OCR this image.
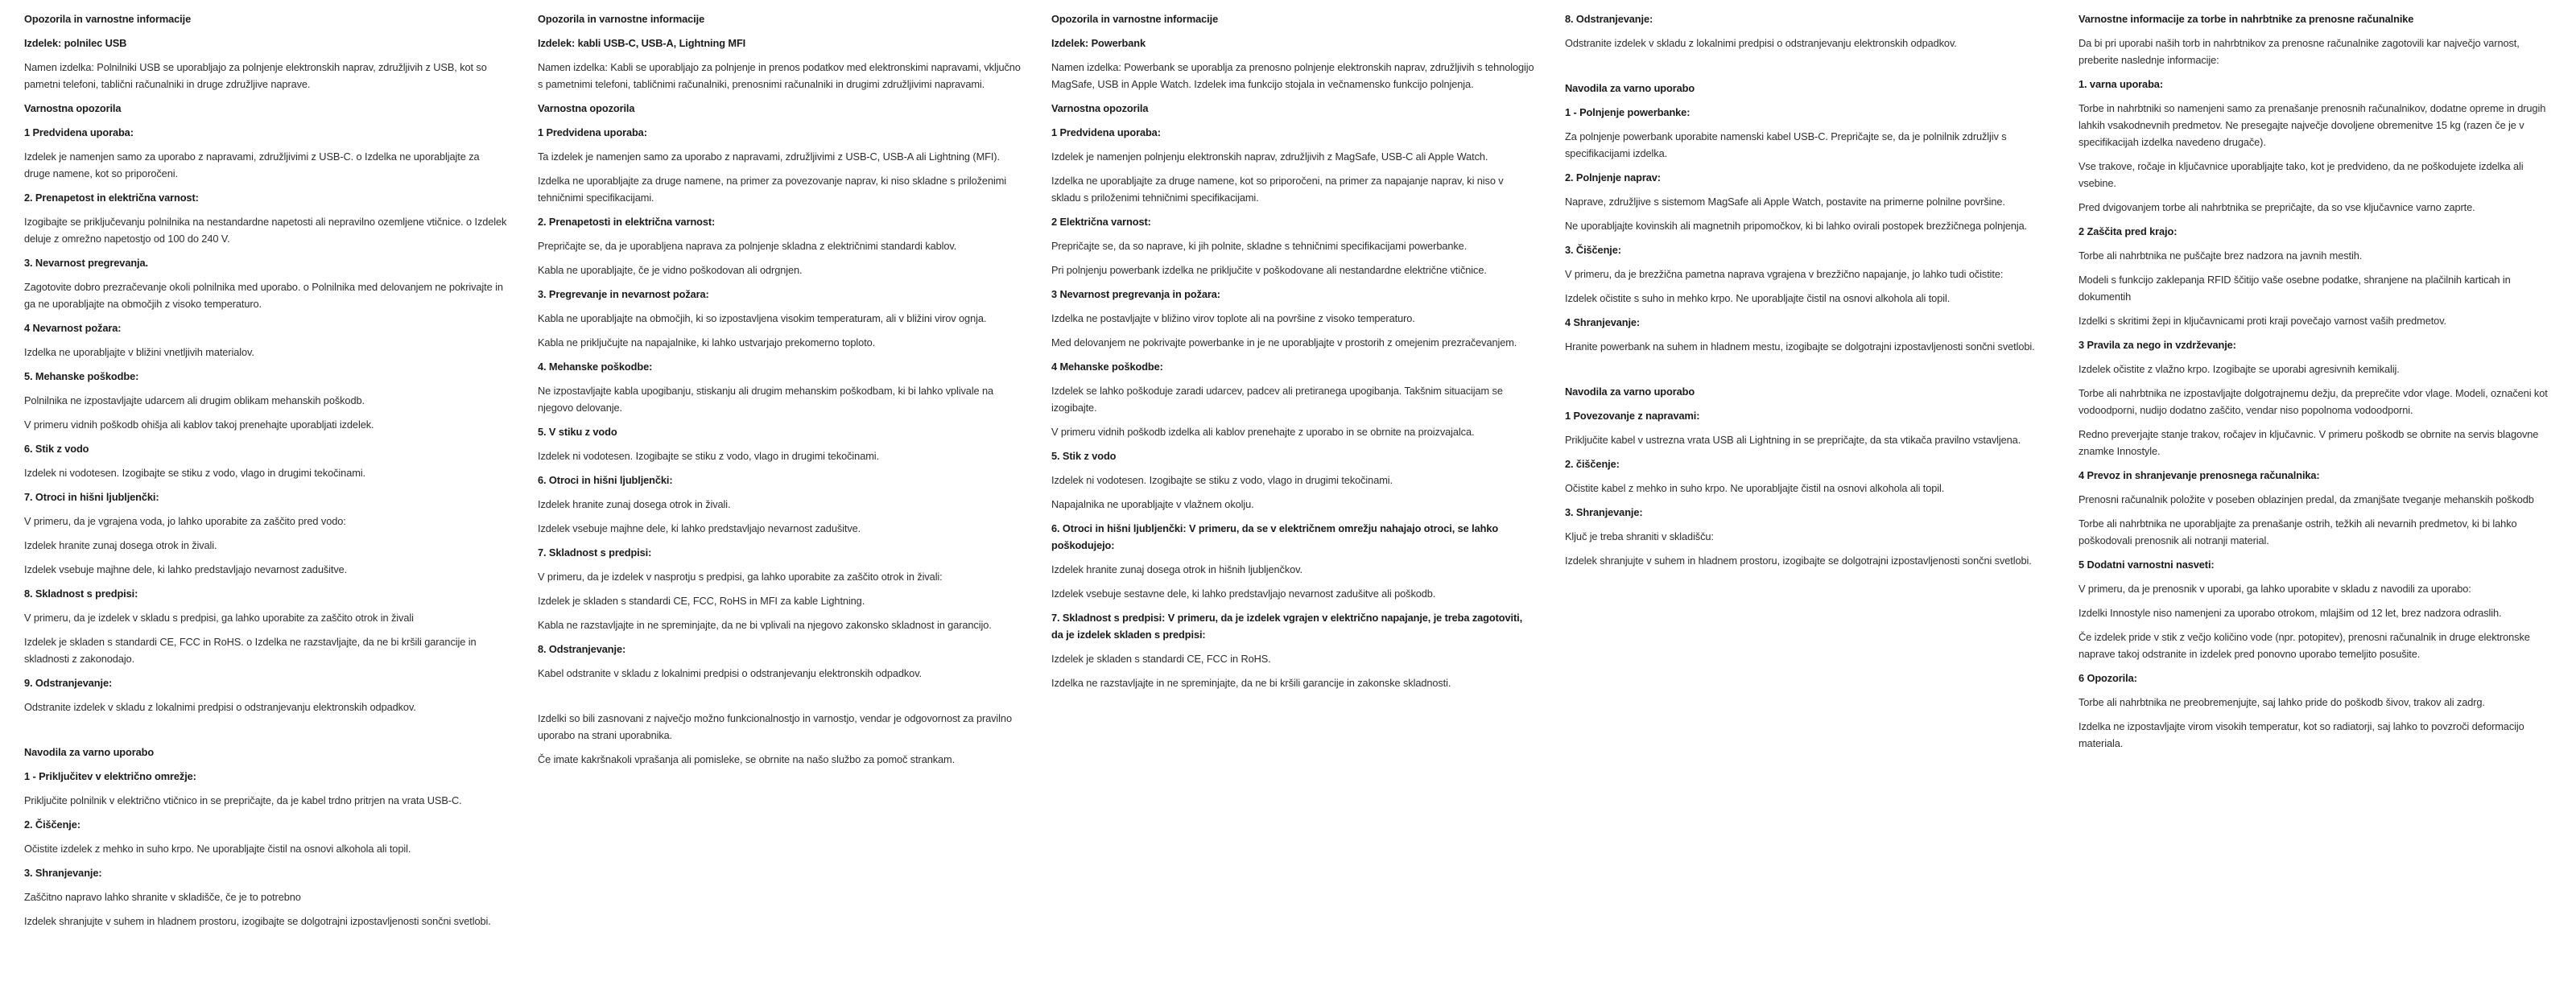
Opozorila in varnostne informacije
Izdelek: polnilec USB
Namen izdelka: Polnilniki USB se uporabljajo za polnjenje elektronskih naprav, združljivih z USB, kot so pametni telefoni, tablični računalniki in druge združljive naprave.
Varnostna opozorila
1 Predvidena uporaba:
Izdelek je namenjen samo za uporabo z napravami, združljivimi z USB-C. o Izdelka ne uporabljajte za druge namene, kot so priporočeni.
2. Prenapetost in električna varnost:
Izogibajte se priključevanju polnilnika na nestandardne napetosti ali nepravilno ozemljene vtičnice. o Izdelek deluje z omrežno napetostjo od 100 do 240 V.
3. Nevarnost pregrevanja.
Zagotovite dobro prezračevanje okoli polnilnika med uporabo. o Polnilnika med delovanjem ne pokrivajte in ga ne uporabljajte na območjih z visoko temperaturo.
4 Nevarnost požara:
Izdelka ne uporabljajte v bližini vnetljivih materialov.
5. Mehanske poškodbe:
Polnilnika ne izpostavljajte udarcem ali drugim oblikam mehanskih poškodb.
V primeru vidnih poškodb ohišja ali kablov takoj prenehajte uporabljati izdelek.
6. Stik z vodo
Izdelek ni vodotesen. Izogibajte se stiku z vodo, vlago in drugimi tekočinami.
7. Otroci in hišni ljubljenčki:
V primeru, da je vgrajena voda, jo lahko uporabite za zaščito pred vodo:
Izdelek hranite zunaj dosega otrok in živali.
Izdelek vsebuje majhne dele, ki lahko predstavljajo nevarnost zadušitve.
8. Skladnost s predpisi:
V primeru, da je izdelek v skladu s predpisi, ga lahko uporabite za zaščito otrok in živali
Izdelek je skladen s standardi CE, FCC in RoHS. o Izdelka ne razstavljajte, da ne bi kršili garancije in skladnosti z zakonodajo.
9. Odstranjevanje:
Odstranite izdelek v skladu z lokalnimi predpisi o odstranjevanju elektronskih odpadkov.
Navodila za varno uporabo
1 - Priključitev v električno omrežje:
Priključite polnilnik v električno vtičnico in se prepričajte, da je kabel trdno pritrjen na vrata USB-C.
2. Čiščenje:
Očistite izdelek z mehko in suho krpo. Ne uporabljajte čistil na osnovi alkohola ali topil.
3. Shranjevanje:
Zaščitno napravo lahko shranite v skladišče, če je to potrebno
Izdelek shranjujte v suhem in hladnem prostoru, izogibajte se dolgotrajni izpostavljenosti sončni svetlobi.
Opozorila in varnostne informacije
Izdelek: kabli USB-C, USB-A, Lightning MFI
Namen izdelka: Kabli se uporabljajo za polnjenje in prenos podatkov med elektronskimi napravami, vključno s pametnimi telefoni, tabličnimi računalniki, prenosnimi računalniki in drugimi združljivimi napravami.
Varnostna opozorila
1 Predvidena uporaba:
Ta izdelek je namenjen samo za uporabo z napravami, združljivimi z USB-C, USB-A ali Lightning (MFI).
Izdelka ne uporabljajte za druge namene, na primer za povezovanje naprav, ki niso skladne s priloženimi tehničnimi specifikacijami.
2. Prenapetosti in električna varnost:
Prepričajte se, da je uporabljena naprava za polnjenje skladna z električnimi standardi kablov.
Kabla ne uporabljajte, če je vidno poškodovan ali odrgnjen.
3. Pregrevanje in nevarnost požara:
Kabla ne uporabljajte na območjih, ki so izpostavljena visokim temperaturam, ali v bližini virov ognja.
Kabla ne priključujte na napajalnike, ki lahko ustvarjajo prekomerno toploto.
4. Mehanske poškodbe:
Ne izpostavljajte kabla upogibanju, stiskanju ali drugim mehanskim poškodbam, ki bi lahko vplivale na njegovo delovanje.
5. V stiku z vodo
Izdelek ni vodotesen. Izogibajte se stiku z vodo, vlago in drugimi tekočinami.
6. Otroci in hišni ljubljenčki:
Izdelek hranite zunaj dosega otrok in živali.
Izdelek vsebuje majhne dele, ki lahko predstavljajo nevarnost zadušitve.
7. Skladnost s predpisi:
V primeru, da je izdelek v nasprotju s predpisi, ga lahko uporabite za zaščito otrok in živali:
Izdelek je skladen s standardi CE, FCC, RoHS in MFI za kable Lightning.
Kabla ne razstavljajte in ne spreminjajte, da ne bi vplivali na njegovo zakonsko skladnost in garancijo.
8. Odstranjevanje:
Kabel odstranite v skladu z lokalnimi predpisi o odstranjevanju elektronskih odpadkov.
Izdelki so bili zasnovani z največjo možno funkcionalnostjo in varnostjo, vendar je odgovornost za pravilno uporabo na strani uporabnika.
Če imate kakršnakoli vprašanja ali pomisleke, se obrnite na našo službo za pomoč strankam.
Opozorila in varnostne informacije
Izdelek: Powerbank
Namen izdelka: Powerbank se uporablja za prenosno polnjenje elektronskih naprav, združljivih s tehnologijo MagSafe, USB in Apple Watch. Izdelek ima funkcijo stojala in večnamensko funkcijo polnjenja.
Varnostna opozorila
1 Predvidena uporaba:
Izdelek je namenjen polnjenju elektronskih naprav, združljivih z MagSafe, USB-C ali Apple Watch.
Izdelka ne uporabljajte za druge namene, kot so priporočeni, na primer za napajanje naprav, ki niso v skladu s priloženimi tehničnimi specifikacijami.
2 Električna varnost:
Prepričajte se, da so naprave, ki jih polnite, skladne s tehničnimi specifikacijami powerbanke.
Pri polnjenju powerbank izdelka ne priključite v poškodovane ali nestandardne električne vtičnice.
3 Nevarnost pregrevanja in požara:
Izdelka ne postavljajte v bližino virov toplote ali na površine z visoko temperaturo.
Med delovanjem ne pokrivajte powerbanke in je ne uporabljajte v prostorih z omejenim prezračevanjem.
4 Mehanske poškodbe:
Izdelek se lahko poškoduje zaradi udarcev, padcev ali pretiranega upogibanja. Takšnim situacijam se izogibajte.
V primeru vidnih poškodb izdelka ali kablov prenehajte z uporabo in se obrnite na proizvajalca.
5. Stik z vodo
Izdelek ni vodotesen. Izogibajte se stiku z vodo, vlago in drugimi tekočinami.
Napajalnika ne uporabljajte v vlažnem okolju.
6. Otroci in hišni ljubljenčki: V primeru, da se v električnem omrežju nahajajo otroci, se lahko poškodujejo:
Izdelek hranite zunaj dosega otrok in hišnih ljubljenčkov.
Izdelek vsebuje sestavne dele, ki lahko predstavljajo nevarnost zadušitve ali poškodb.
7. Skladnost s predpisi: V primeru, da je izdelek vgrajen v električno napajanje, je treba zagotoviti, da je izdelek skladen s predpisi:
Izdelek je skladen s standardi CE, FCC in RoHS.
Izdelka ne razstavljajte in ne spreminjajte, da ne bi kršili garancije in zakonske skladnosti.
8. Odstranjevanje:
Odstranite izdelek v skladu z lokalnimi predpisi o odstranjevanju elektronskih odpadkov.
Navodila za varno uporabo
1 - Polnjenje powerbanke:
Za polnjenje powerbank uporabite namenski kabel USB-C. Prepričajte se, da je polnilnik združljiv s specifikacijami izdelka.
2. Polnjenje naprav:
Naprave, združljive s sistemom MagSafe ali Apple Watch, postavite na primerne polnilne površine.
Ne uporabljajte kovinskih ali magnetnih pripomočkov, ki bi lahko ovirali postopek brezžičnega polnjenja.
3. Čiščenje:
V primeru, da je brezžična pametna naprava vgrajena v brezžično napajanje, jo lahko tudi očistite:
Izdelek očistite s suho in mehko krpo. Ne uporabljajte čistil na osnovi alkohola ali topil.
4 Shranjevanje:
Hranite powerbank na suhem in hladnem mestu, izogibajte se dolgotrajni izpostavljenosti sončni svetlobi.
Navodila za varno uporabo
1 Povezovanje z napravami:
Priključite kabel v ustrezna vrata USB ali Lightning in se prepričajte, da sta vtikača pravilno vstavljena.
2. čiščenje:
Očistite kabel z mehko in suho krpo. Ne uporabljajte čistil na osnovi alkohola ali topil.
3. Shranjevanje:
Ključ je treba shraniti v skladišču:
Izdelek shranjujte v suhem in hladnem prostoru, izogibajte se dolgotrajni izpostavljenosti sončni svetlobi.
Varnostne informacije za torbe in nahrbtnike za prenosne računalnike
Da bi pri uporabi naših torb in nahrbtnikov za prenosne računalnike zagotovili kar največjo varnost, preberite naslednje informacije:
1. varna uporaba:
Torbe in nahrbtniki so namenjeni samo za prenašanje prenosnih računalnikov, dodatne opreme in drugih lahkih vsakodnevnih predmetov. Ne presegajte največje dovoljene obremenitve 15 kg (razen če je v specifikacijah izdelka navedeno drugače).
Vse trakove, ročaje in ključavnice uporabljajte tako, kot je predvideno, da ne poškodujete izdelka ali vsebine.
Pred dvigovanjem torbe ali nahrbtnika se prepričajte, da so vse ključavnice varno zaprte.
2 Zaščita pred krajo:
Torbe ali nahrbtnika ne puščajte brez nadzora na javnih mestih.
Modeli s funkcijo zaklepanja RFID ščitijo vaše osebne podatke, shranjene na plačilnih karticah in dokumentih
Izdelki s skritimi žepi in ključavnicami proti kraji povečajo varnost vaših predmetov.
3 Pravila za nego in vzdrževanje:
Izdelek očistite z vlažno krpo. Izogibajte se uporabi agresivnih kemikalij.
Torbe ali nahrbtnika ne izpostavljajte dolgotrajnemu dežju, da preprečite vdor vlage. Modeli, označeni kot vodoodporni, nudijo dodatno zaščito, vendar niso popolnoma vodoodporni.
Redno preverjajte stanje trakov, ročajev in ključavnic. V primeru poškodb se obrnite na servis blagovne znamke Innostyle.
4 Prevoz in shranjevanje prenosnega računalnika:
Prenosni računalnik položite v poseben oblazinjen predal, da zmanjšate tveganje mehanskih poškodb
Torbe ali nahrbtnika ne uporabljajte za prenašanje ostrih, težkih ali nevarnih predmetov, ki bi lahko poškodovali prenosnik ali notranji material.
5 Dodatni varnostni nasveti:
V primeru, da je prenosnik v uporabi, ga lahko uporabite v skladu z navodili za uporabo:
Izdelki Innostyle niso namenjeni za uporabo otrokom, mlajšim od 12 let, brez nadzora odraslih.
Če izdelek pride v stik z večjo količino vode (npr. potopitev), prenosni računalnik in druge elektronske naprave takoj odstranite in izdelek pred ponovno uporabo temeljito posušite.
6 Opozorila:
Torbe ali nahrbtnika ne preobremenjujte, saj lahko pride do poškodb šivov, trakov ali zadrg.
Izdelka ne izpostavljajte virom visokih temperatur, kot so radiatorji, saj lahko to povzroči deformacijo materiala.
